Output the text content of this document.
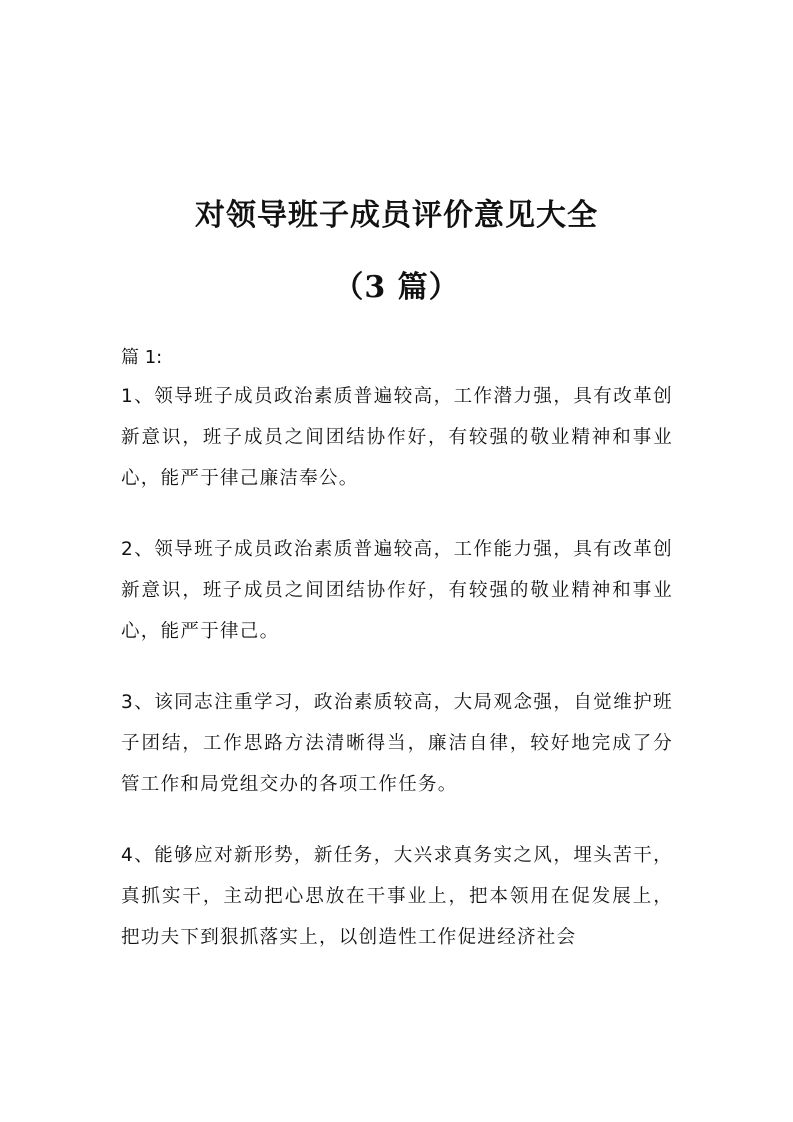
对领导班子成员评价意见大全
（3 篇）

篇 1:

1、领导班子成员政治素质普遍较高，工作潜力强，具有改革创新意识，班子成员之间团结协作好，有较强的敬业精神和事业心，能严于律己廉洁奉公。

2、领导班子成员政治素质普遍较高，工作能力强，具有改革创新意识，班子成员之间团结协作好，有较强的敬业精神和事业心，能严于律己。

3、该同志注重学习，政治素质较高，大局观念强，自觉维护班子团结，工作思路方法清晰得当，廉洁自律，较好地完成了分管工作和局党组交办的各项工作任务。

4、能够应对新形势，新任务，大兴求真务实之风，埋头苦干，真抓实干，主动把心思放在干事业上，把本领用在促发展上，把功夫下到狠抓落实上，以创造性工作促进经济社会
